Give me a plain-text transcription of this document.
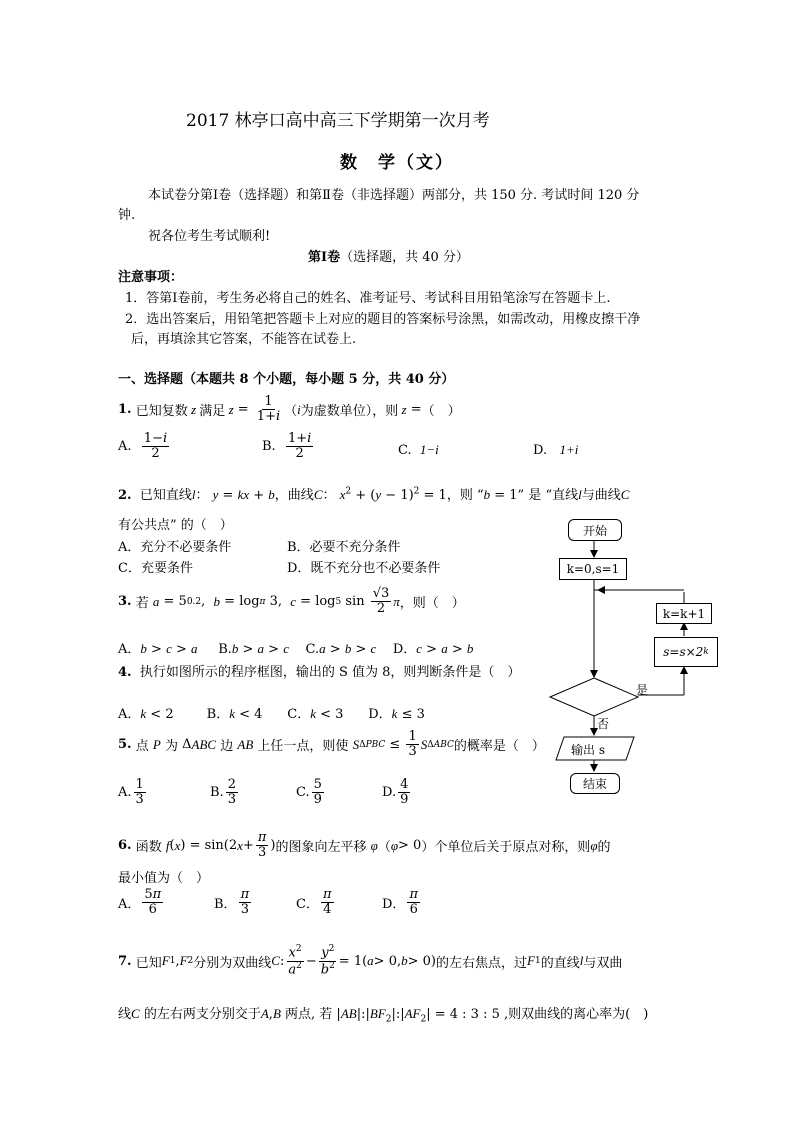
2017 林亭口高中高三下学期第一次月考
数　学（文）
本试卷分第Ⅰ卷（选择题）和第Ⅱ卷（非选择题）两部分，共 150 分. 考试时间 120 分
钟.
祝各位考生考试顺利!
第Ⅰ卷（选择题，共 40 分）
注意事项：
1．答第Ⅰ卷前，考生务必将自己的姓名、准考证号、考试科目用铅笔涂写在答题卡上.
2．选出答案后，用铅笔把答题卡上对应的题目的答案标号涂黑，如需改动，用橡皮擦干净
后，再填涂其它答案，不能答在试卷上.
一、选择题（本题共 8 个小题，每小题 5 分，共 40 分）
1.
已知复数 z 满足 $z = \frac{1}{1+i}$ （ i 为虚数单位），则 z = （　）
A.
$\frac{1-i}{2}$	B.
$\frac{1+i}{2}$	C. 1−i	D. 1+i
2. 已知直线l： y = kx + b，曲线C： $x^2 + (y - 1)^2 = 1$，则 “b = 1” 是 “直线l与曲线C
有公共点” 的（　）
A．充分不必要条件	B．必要不充分条件
C．充要条件	D．既不充分也不必要条件
3.
若
a = 5 0.2 , b = log π 3, c = log 5 $\sin \frac{√3}{2}$ π ，则（　）
A．b > c > a B.b > a > c C.a > b > c D．c > a > b
4. 执行如图所示的程序框图，输出的 S 值为 8，则判断条件是（　）
A．k < 2        B．k < 4      C．k < 3      D．k ≤ 3
5.
点
P
为 Δ ABC
边
AB
上任一点，则使
S $\Delta PBC \le \frac{1}{3}$ S ΔABC 的概率是（　）
A. $\frac{1}{3}$	B. $\frac{2}{3}$	C. $\frac{5}{9}$	D. $\frac{4}{9}$
6.
函数
f ( x ) = sin(2 $x + \frac{\pi}{3}$ ) 的图象向左平移
φ （ φ > 0 ）个单位后关于原点对称，则 φ 的
最小值为（　）
A． $\frac{5\pi}{6}$	B． $\frac{\pi}{3}$	C． $\frac{\pi}{4}$	D． $\frac{\pi}{6}$
7.
已知 F 1 , F 2 分别为双曲线 C : $\frac{x^2}{a^2} - \frac{y^2}{b^2} = 1$( a > 0, b > 0) 的左右焦点，过 F 1 的直线 l 与双曲
线C 的左右两支分别交于A,B 两点, 若 $|AB|:|BF_2|:|AF_2| = 4$ : 3 : 5 ,则双曲线的离心率为(　)
开始
k=0,s=1
k=k+1
s=s×2 k
是
否
输出 s
结束
